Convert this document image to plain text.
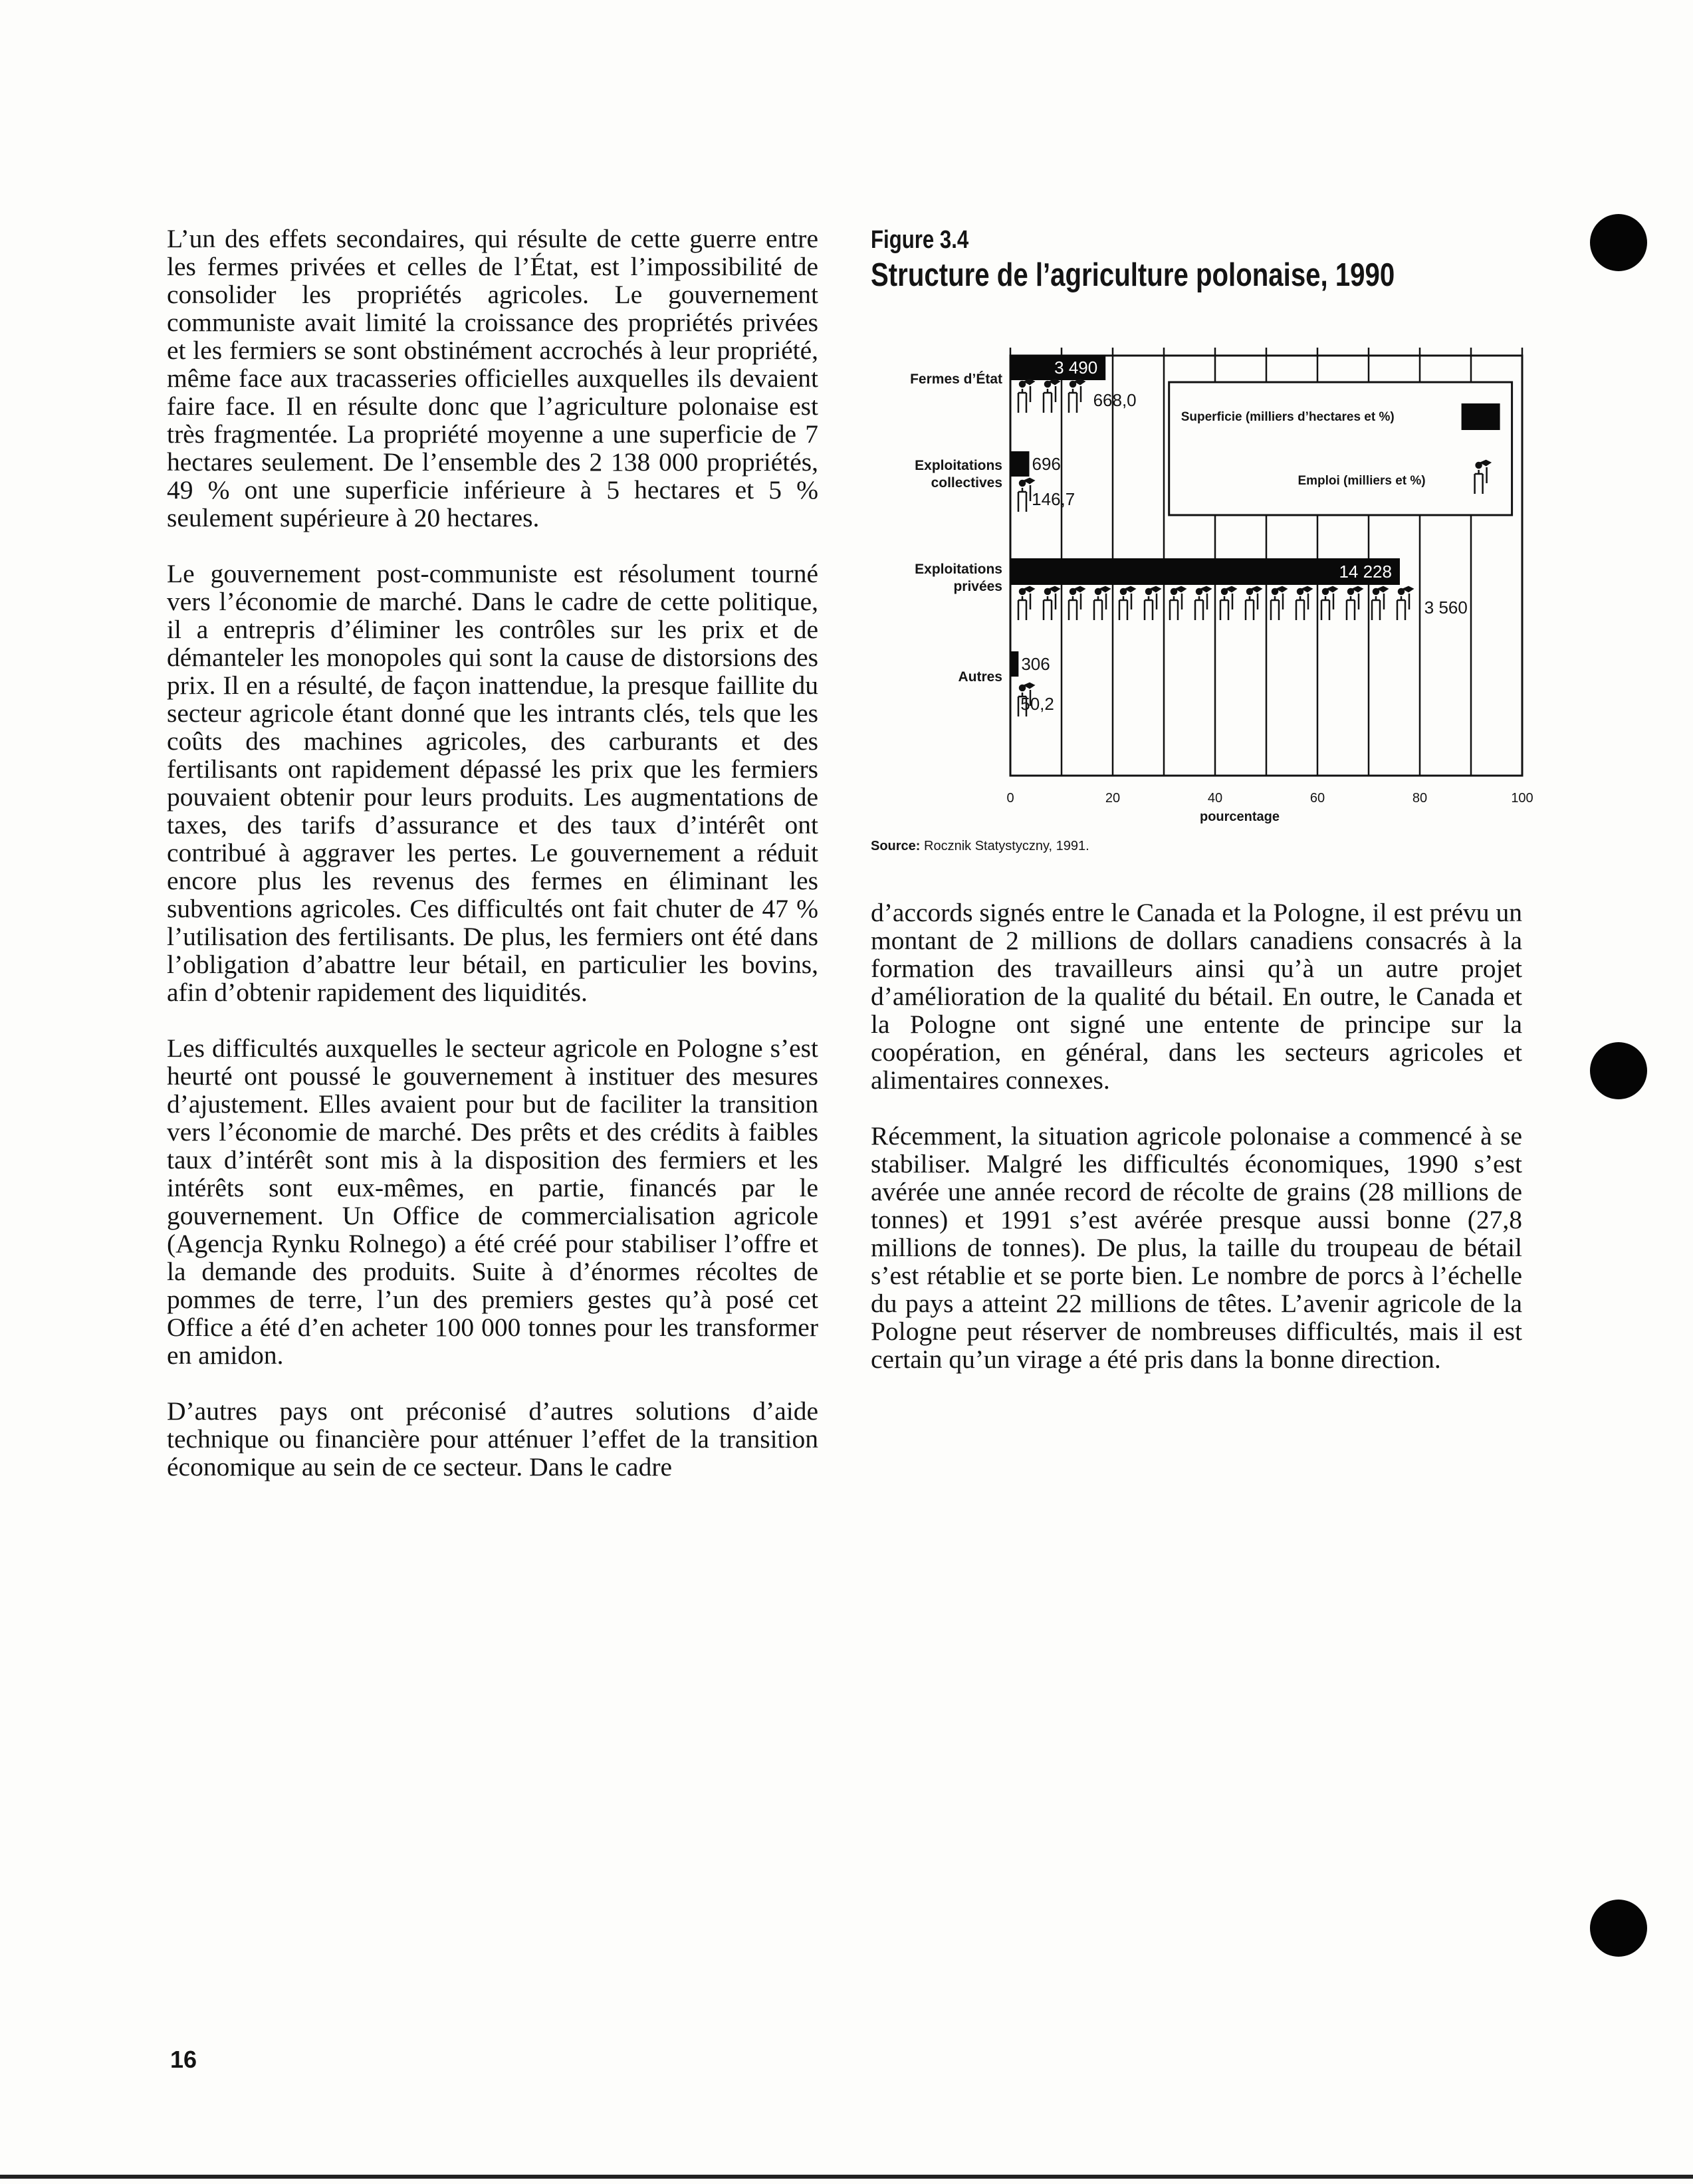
L’un des effets secondaires, qui résulte de cette guerre entre les fermes privées et celles de l’État, est l’impossibilité de consolider les propriétés agricoles. Le gouvernement communiste avait limité la croissance des propriétés privées et les fermiers se sont obstinément accrochés à leur propriété, même face aux tracasseries officielles auxquelles ils devaient faire face. Il en résulte donc que l’agriculture polonaise est très fragmentée. La propriété moyenne a une superficie de 7 hectares seulement. De l’ensemble des 2 138 000 propriétés, 49 % ont une superficie inférieure à 5 hectares et 5 % seulement supérieure à 20 hectares.

Le gouvernement post-communiste est résolument tourné vers l’économie de marché. Dans le cadre de cette politique, il a entrepris d’éliminer les contrôles sur les prix et de démanteler les monopoles qui sont la cause de distorsions des prix. Il en a résulté, de façon inattendue, la presque faillite du secteur agricole étant donné que les intrants clés, tels que les coûts des machines agricoles, des carburants et des fertilisants ont rapidement dépassé les prix que les fermiers pouvaient obtenir pour leurs produits. Les augmentations de taxes, des tarifs d’assurance et des taux d’intérêt ont contribué à aggraver les pertes. Le gouvernement a réduit encore plus les revenus des fermes en éliminant les subventions agricoles. Ces difficultés ont fait chuter de 47 % l’utilisation des fertilisants. De plus, les fermiers ont été dans l’obligation d’abattre leur bétail, en particulier les bovins, afin d’obtenir rapidement des liquidités.

Les difficultés auxquelles le secteur agricole en Pologne s’est heurté ont poussé le gouvernement à instituer des mesures d’ajustement. Elles avaient pour but de faciliter la transition vers l’économie de marché. Des prêts et des crédits à faibles taux d’intérêt sont mis à la disposition des fermiers et les intérêts sont eux-mêmes, en partie, financés par le gouvernement. Un Office de commercialisation agricole (Agencja Rynku Rolnego) a été créé pour stabiliser l’offre et la demande des produits. Suite à d’énormes récoltes de pommes de terre, l’un des premiers gestes qu’à posé cet Office a été d’en acheter 100 000 tonnes pour les transformer en amidon.

D’autres pays ont préconisé d’autres solutions d’aide technique ou financière pour atténuer l’effet de la transition économique au sein de ce secteur. Dans le cadre

Figure 3.4
Structure de l’agriculture polonaise, 1990
0	20	40	60	80	100
pourcentage
Superficie (milliers d’hectares et %)
Emploi (milliers et %)
Fermes d’État
Exploitations
collectives
Exploitations
privées
Autres
3 490
696
14 228
306
668,0
146,7
3 560
50,2
Source: Rocznik Statystyczny, 1991.

d’accords signés entre le Canada et la Pologne, il est prévu un montant de 2 millions de dollars canadiens consacrés à la formation des travailleurs ainsi qu’à un autre projet d’amélioration de la qualité du bétail. En outre, le Canada et la Pologne ont signé une entente de principe sur la coopération, en général, dans les secteurs agricoles et alimentaires connexes.

Récemment, la situation agricole polonaise a commencé à se stabiliser. Malgré les difficultés économiques, 1990 s’est avérée une année record de récolte de grains (28 millions de tonnes) et 1991 s’est avérée presque aussi bonne (27,8 millions de tonnes). De plus, la taille du troupeau de bétail s’est rétablie et se porte bien. Le nombre de porcs à l’échelle du pays a atteint 22 millions de têtes. L’avenir agricole de la Pologne peut réserver de nombreuses difficultés, mais il est certain qu’un virage a été pris dans la bonne direction.

16
